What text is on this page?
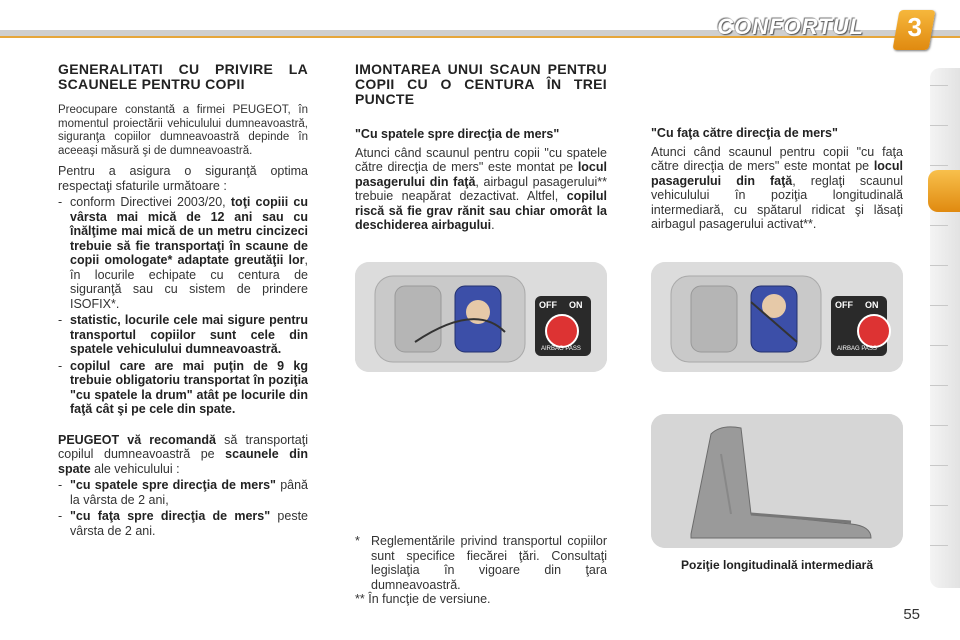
CONFORTUL 3
GENERALITATI CU PRIVIRE LA SCAUNELE PENTRU COPII

Preocupare constantă a firmei PEUGEOT, în momentul proiectării vehiculului dumneavoastră, siguranţa copiilor dumneavoastră depinde în aceeaşi măsură şi de dumneavoastră.

Pentru a asigura o siguranţă optima respectaţi sfaturile următoare :

- conform Directivei 2003/20, toţi copiii cu vârsta mai mică de 12 ani sau cu înălţime mai mică de un metru cincizeci trebuie să fie transportaţi în scaune de copii omologate* adaptate greutăţii lor, în locurile echipate cu centura de siguranţă sau cu sistem de prindere ISOFIX*.
- statistic, locurile cele mai sigure pentru transportul copiilor sunt cele din spatele vehiculului dumneavoastră.
- copilul care are mai puţin de 9 kg trebuie obligatoriu transportat în poziţia "cu spatele la drum" atât pe locurile din faţă cât şi pe cele din spate.

PEUGEOT vă recomandă să transportaţi copilul dumneavoastră pe scaunele din spate ale vehiculului :

- "cu spatele spre direcţia de mers" până la vârsta de 2 ani,
- "cu faţa spre direcţia de mers" peste vârsta de 2 ani.
IMONTAREA UNUI SCAUN PENTRU COPII CU O CENTURA ÎN TREI PUNCTE

"Cu spatele spre direcţia de mers"

Atunci când scaunul pentru copii "cu spatele către direcţia de mers" este montat pe locul pasagerului din faţă, airbagul pasagerului** trebuie neapărat dezactivat. Altfel, copilul riscă să fie grav rănit sau chiar omorât la deschiderea airbagului.

"Cu faţa către direcţia de mers"

Atunci când scaunul pentru copii "cu faţa către direcţia de mers" este montat pe locul pasagerului din faţă, reglaţi scaunul vehiculului în poziţia longitudinală intermediară, cu spătarul ridicat şi lăsaţi airbagul pasagerului activat**.

OFF ON
AIRBAG PASS
OFF ON
AIRBAG PASS
Poziţie longitudinală intermediară
* Reglementările privind transportul copiilor sunt specifice fiecărei ţări. Consultaţi legislaţia în vigoare din ţara dumneavoastră.
** În funcţie de versiune.
55
